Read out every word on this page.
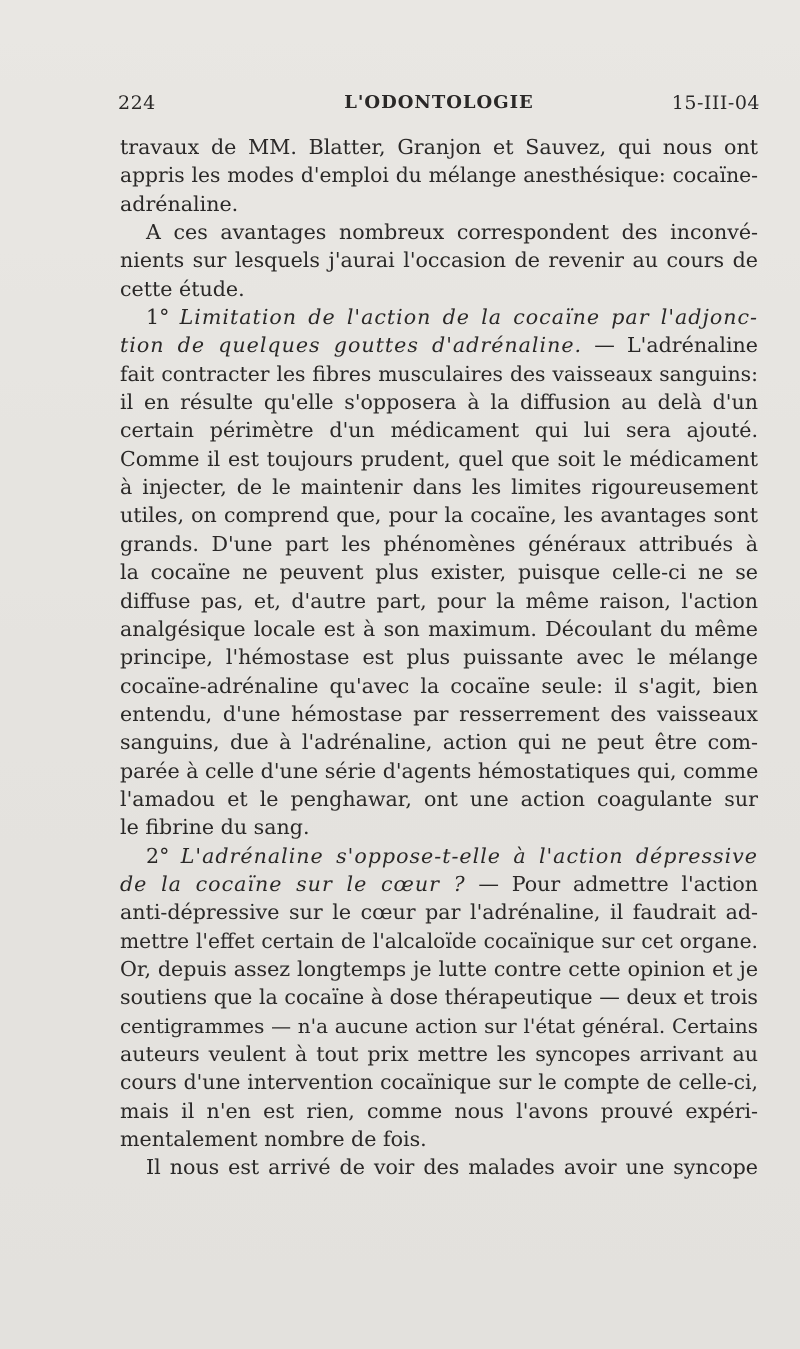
224	L'ODONTOLOGIE	15-III-04
travaux de MM. Blatter, Granjon et Sauvez, qui nous ont
appris les modes d'emploi du mélange anesthésique: cocaïne-
adrénaline.
A ces avantages nombreux correspondent des inconvé-
nients sur lesquels j'aurai l'occasion de revenir au cours de
cette étude.
1° Limitation de l'action de la cocaïne par l'adjonc-
tion de quelques gouttes d'adrénaline. — L'adrénaline
fait contracter les fibres musculaires des vaisseaux sanguins:
il en résulte qu'elle s'opposera à la diffusion au delà d'un
certain périmètre d'un médicament qui lui sera ajouté.
Comme il est toujours prudent, quel que soit le médicament
à injecter, de le maintenir dans les limites rigoureusement
utiles, on comprend que, pour la cocaïne, les avantages sont
grands. D'une part les phénomènes généraux attribués à
la cocaïne ne peuvent plus exister, puisque celle-ci ne se
diffuse pas, et, d'autre part, pour la même raison, l'action
analgésique locale est à son maximum. Découlant du même
principe, l'hémostase est plus puissante avec le mélange
cocaïne-adrénaline qu'avec la cocaïne seule: il s'agit, bien
entendu, d'une hémostase par resserrement des vaisseaux
sanguins, due à l'adrénaline, action qui ne peut être com-
parée à celle d'une série d'agents hémostatiques qui, comme
l'amadou et le penghawar, ont une action coagulante sur
le fibrine du sang.
2° L'adrénaline s'oppose-t-elle à l'action dépressive
de la cocaïne sur le cœur ? — Pour admettre l'action
anti-dépressive sur le cœur par l'adrénaline, il faudrait ad-
mettre l'effet certain de l'alcaloïde cocaïnique sur cet organe.
Or, depuis assez longtemps je lutte contre cette opinion et je
soutiens que la cocaïne à dose thérapeutique — deux et trois
centigrammes — n'a aucune action sur l'état général. Certains
auteurs veulent à tout prix mettre les syncopes arrivant au
cours d'une intervention cocaïnique sur le compte de celle-ci,
mais il n'en est rien, comme nous l'avons prouvé expéri-
mentalement nombre de fois.
Il nous est arrivé de voir des malades avoir une syncope
